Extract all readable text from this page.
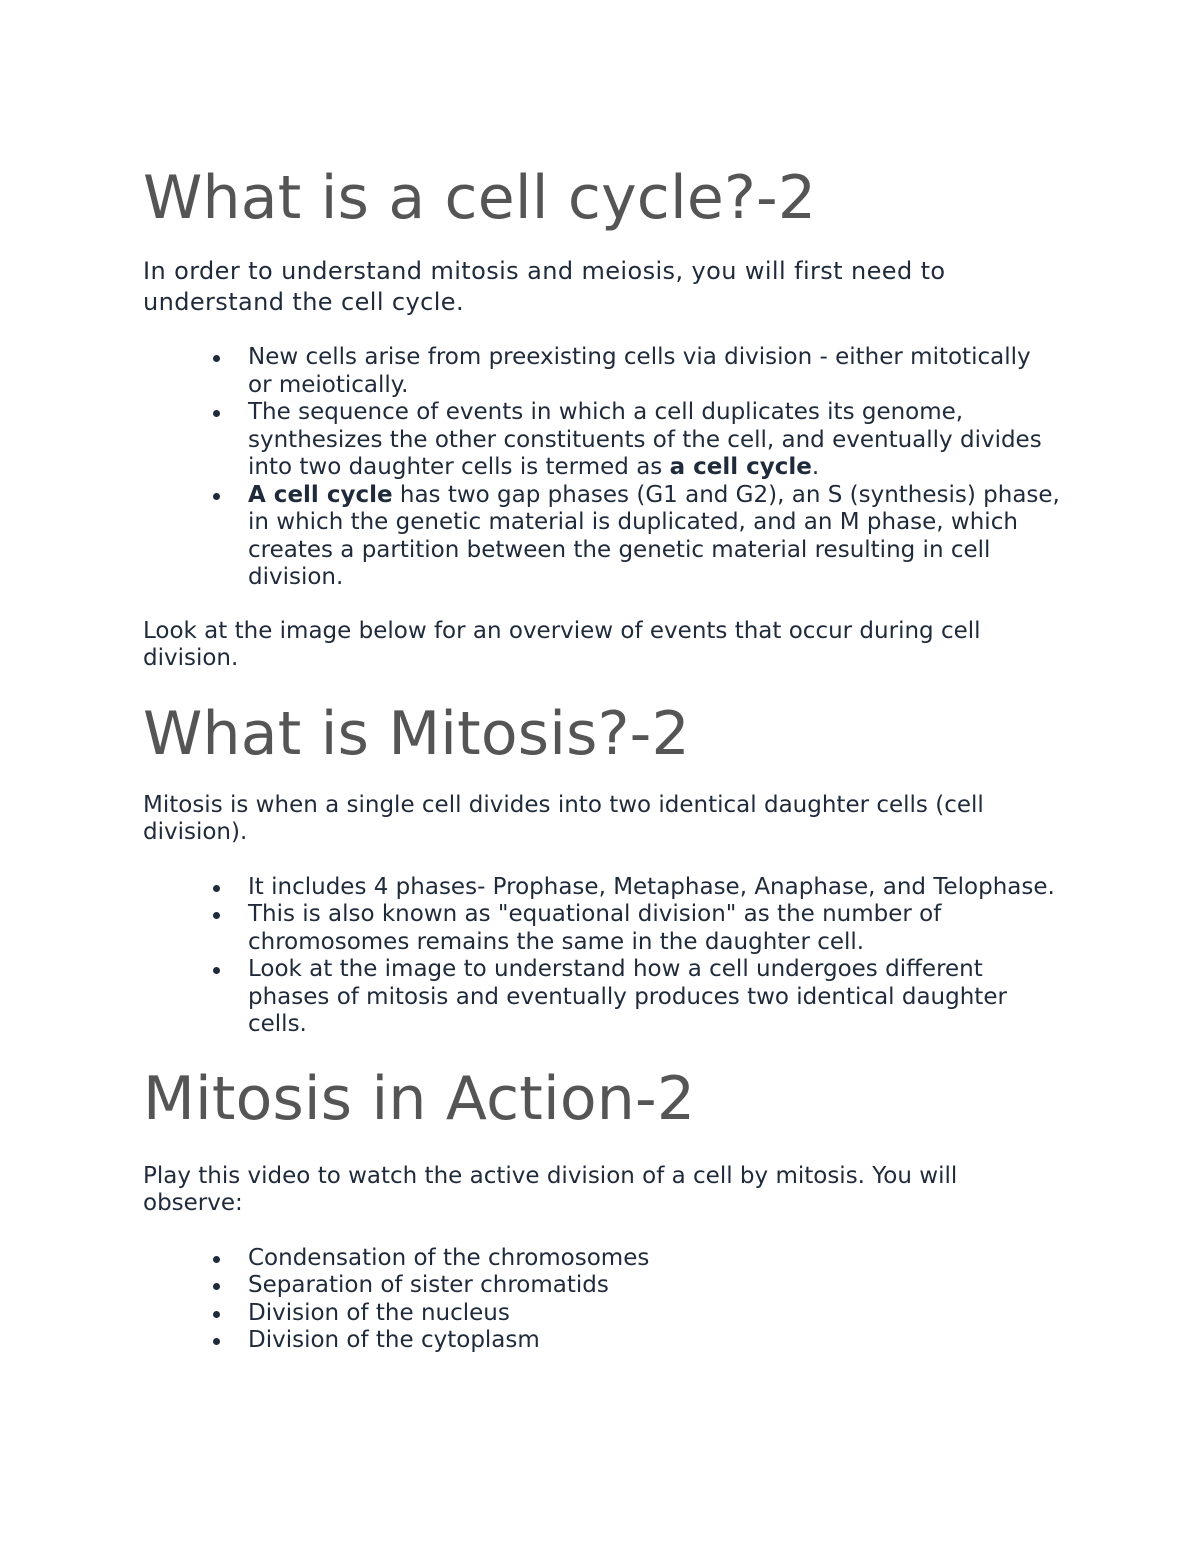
What is a cell cycle?-2

In order to understand mitosis and meiosis, you will first need to understand the cell cycle.

New cells arise from preexisting cells via division - either mitotically or meiotically.
The sequence of events in which a cell duplicates its genome, synthesizes the other constituents of the cell, and eventually divides into two daughter cells is termed as a cell cycle.
A cell cycle has two gap phases (G1 and G2), an S (synthesis) phase, in which the genetic material is duplicated, and an M phase, which creates a partition between the genetic material resulting in cell division.

Look at the image below for an overview of events that occur during cell division.

What is Mitosis?-2

Mitosis is when a single cell divides into two identical daughter cells (cell division).

It includes 4 phases- Prophase, Metaphase, Anaphase, and Telophase.
This is also known as "equational division" as the number of chromosomes remains the same in the daughter cell.
Look at the image to understand how a cell undergoes different phases of mitosis and eventually produces two identical daughter cells.
Mitosis in Action-2

Play this video to watch the active division of a cell by mitosis. You will observe:

Condensation of the chromosomes
Separation of sister chromatids
Division of the nucleus
Division of the cytoplasm
